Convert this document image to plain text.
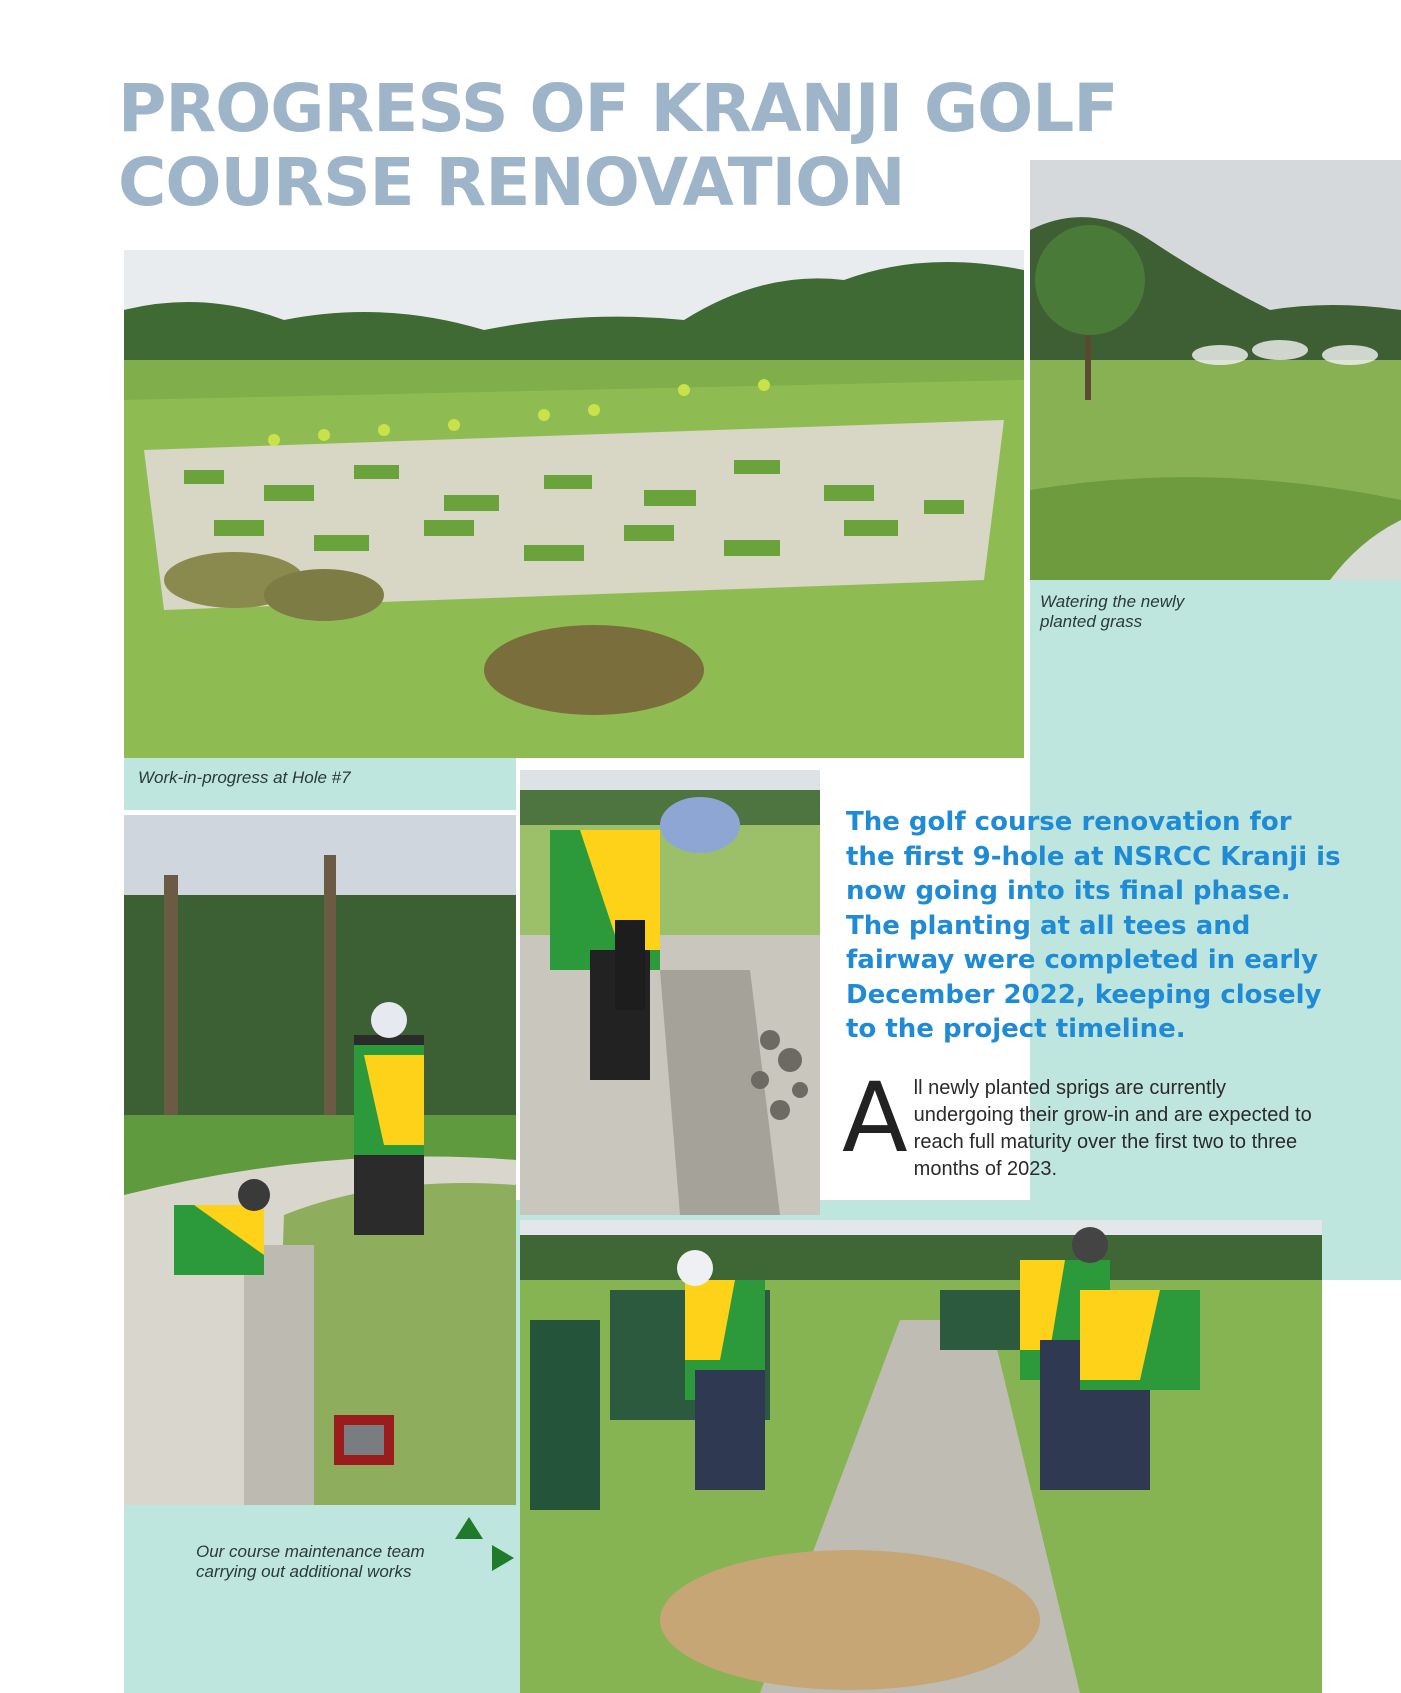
PROGRESS OF KRANJI GOLF
COURSE RENOVATION
Watering the newly
planted grass
Work-in-progress at Hole #7

The golf course renovation for the first 9-hole at NSRCC Kranji is now going into its final phase. The planting at all tees and fairway were completed in early December 2022, keeping closely to the project timeline.

All newly planted sprigs are currently undergoing their grow-in and are expected to reach full maturity over the first two to three months of 2023.

Our course maintenance team
carrying out additional works
